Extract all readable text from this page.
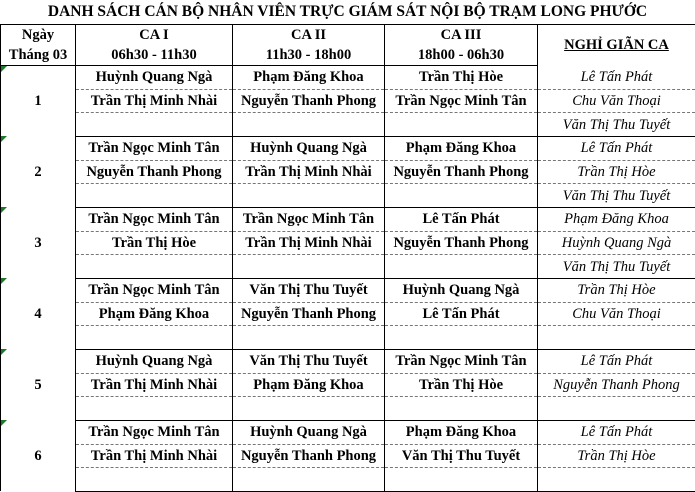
DANH SÁCH CÁN BỘ NHÂN VIÊN TRỰC GIÁM SÁT NỘI BỘ TRẠM LONG PHƯỚC
Ngày	CA I	CA II	CA III	NGHỈ GIÃN CA
Tháng 03	06h30 - 11h30	11h30 - 18h00	18h00 - 06h30	
1	Huỳnh Quang Ngà	Phạm Đăng Khoa	Trần Thị Hòe	Lê Tấn Phát
	Trần Thị Minh Nhài	Nguyễn Thanh Phong	Trần Ngọc Minh Tân	Chu Văn Thoại
				Văn Thị Thu Tuyết
2	Trần Ngọc Minh Tân	Huỳnh Quang Ngà	Phạm Đăng Khoa	Lê Tấn Phát
	Nguyễn Thanh Phong	Trần Thị Minh Nhài	Nguyễn Thanh Phong	Trần Thị Hòe
				Văn Thị Thu Tuyết
3	Trần Ngọc Minh Tân	Trần Ngọc Minh Tân	Lê Tấn Phát	Phạm Đăng Khoa
	Trần Thị Hòe	Trần Thị Minh Nhài	Nguyễn Thanh Phong	Huỳnh Quang Ngà
				Văn Thị Thu Tuyết
4	Trần Ngọc Minh Tân	Văn Thị Thu Tuyết	Huỳnh Quang Ngà	Trần Thị Hòe
	Phạm Đăng Khoa	Nguyễn Thanh Phong	Lê Tấn Phát	Chu Văn Thoại

5	Huỳnh Quang Ngà	Văn Thị Thu Tuyết	Trần Ngọc Minh Tân	Lê Tấn Phát
	Trần Thị Minh Nhài	Phạm Đăng Khoa	Trần Thị Hòe	Nguyễn Thanh Phong

6	Trần Ngọc Minh Tân	Huỳnh Quang Ngà	Phạm Đăng Khoa	Lê Tấn Phát
	Trần Thị Minh Nhài	Nguyễn Thanh Phong	Văn Thị Thu Tuyết	Trần Thị Hòe
